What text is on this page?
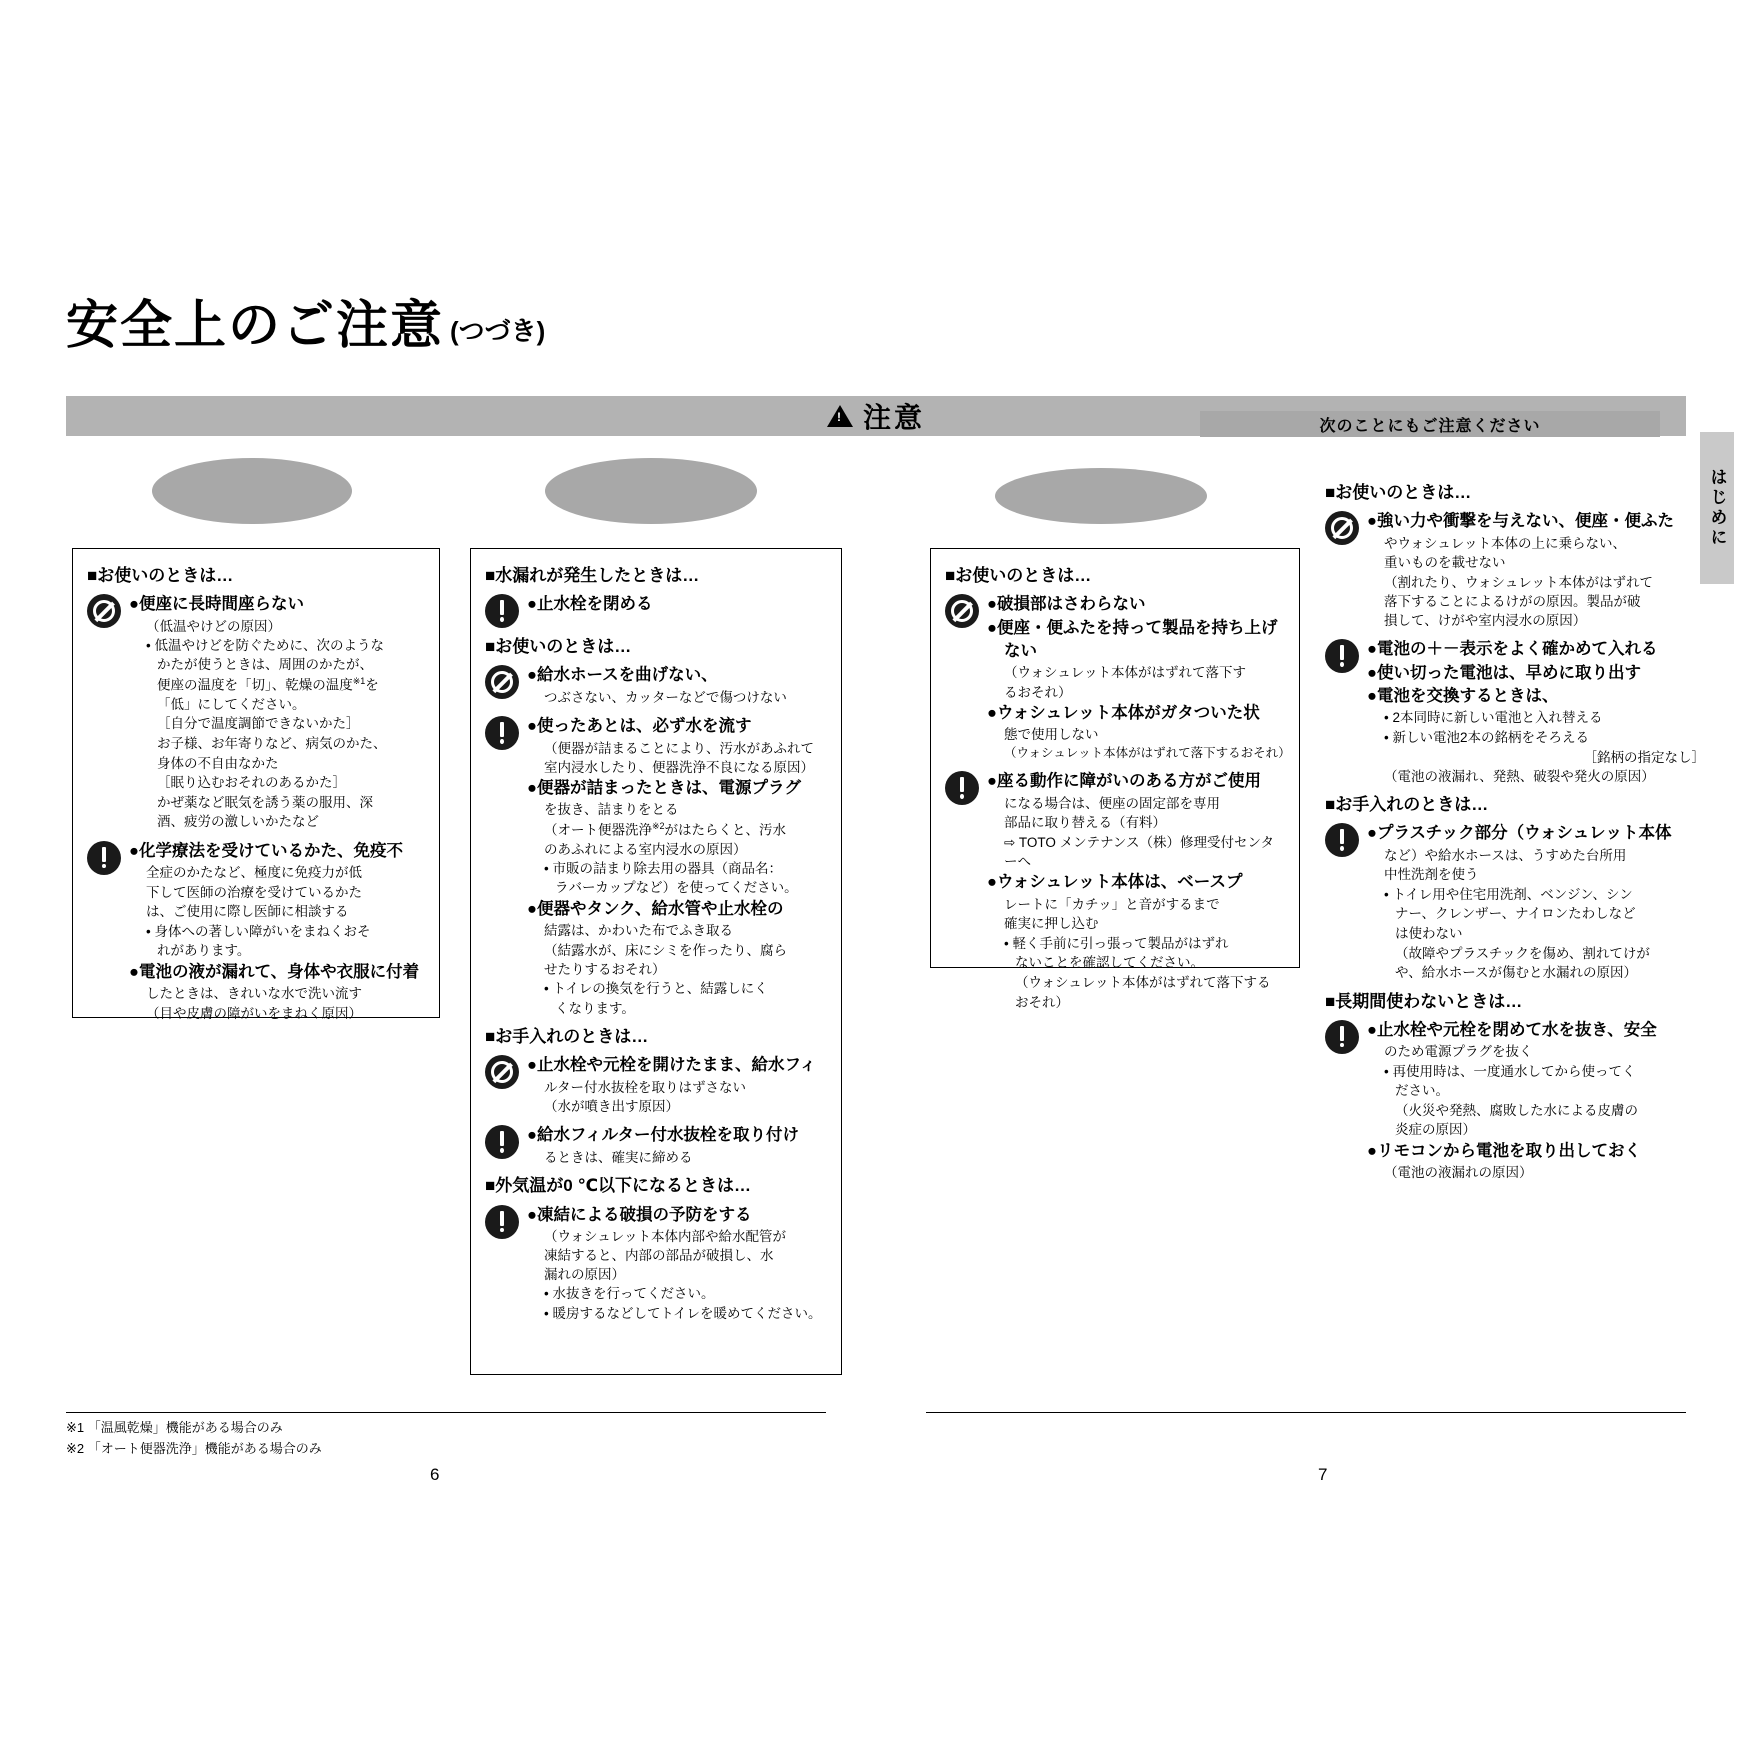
安全上のご注意 (つづき)
!
注意	次のことにもご注意ください
はじめに
■お使いのときは…
●便座に長時間座らない
（低温やけどの原因）
• 低温やけどを防ぐために、次のような
かたが使うときは、周囲のかたが、
便座の温度を「切」、乾燥の温度$^{※1}$を
「低」にしてください。
［自分で温度調節できないかた］
お子様、お年寄りなど、病気のかた、
身体の不自由なかた
［眠り込むおそれのあるかた］
かぜ薬など眠気を誘う薬の服用、深
酒、疲労の激しいかたなど
●化学療法を受けているかた、免疫不
全症のかたなど、極度に免疫力が低
下して医師の治療を受けているかた
は、ご使用に際し医師に相談する
• 身体への著しい障がいをまねくおそ
れがあります。
●電池の液が漏れて、身体や衣服に付着
したときは、きれいな水で洗い流す
（目や皮膚の障がいをまねく原因）
■水漏れが発生したときは…
●止水栓を閉める
■お使いのときは…
●給水ホースを曲げない、
つぶさない、カッターなどで傷つけない
●使ったあとは、必ず水を流す
（便器が詰まることにより、汚水があふれて
室内浸水したり、便器洗浄不良になる原因）
●便器が詰まったときは、電源プラグ
を抜き、詰まりをとる
（オート便器洗浄$^{※2}$がはたらくと、汚水
のあふれによる室内浸水の原因）
• 市販の詰まり除去用の器具（商品名：
ラバーカップなど）を使ってください。
●便器やタンク、給水管や止水栓の
結露は、かわいた布でふき取る
（結露水が、床にシミを作ったり、腐ら
せたりするおそれ）
• トイレの換気を行うと、結露しにく
くなります。
■お手入れのときは…
●止水栓や元栓を開けたまま、給水フィ
ルター付水抜栓を取りはずさない
（水が噴き出す原因）
●給水フィルター付水抜栓を取り付け
るときは、確実に締める
■外気温が0 ℃以下になるときは…
●凍結による破損の予防をする
（ウォシュレット本体内部や給水配管が
凍結すると、内部の部品が破損し、水
漏れの原因）
• 水抜きを行ってください。
• 暖房するなどしてトイレを暖めてください。
■お使いのときは…
●破損部はさわらない
●便座・便ふたを持って製品を持ち上げない
（ウォシュレット本体がはずれて落下す
るおそれ）
●ウォシュレット本体がガタついた状
態で使用しない
（ウォシュレット本体がはずれて落下するおそれ）
●座る動作に障がいのある方がご使用
になる場合は、便座の固定部を専用
部品に取り替える（有料）
⇨ TOTO メンテナンス（株）修理受付センターへ
●ウォシュレット本体は、ベースプ
レートに「カチッ」と音がするまで
確実に押し込む
• 軽く手前に引っ張って製品がはずれ
ないことを確認してください。
（ウォシュレット本体がはずれて落下する
おそれ）
■お使いのときは…
●強い力や衝撃を与えない、便座・便ふた
やウォシュレット本体の上に乗らない、
重いものを載せない
（割れたり、ウォシュレット本体がはずれて
落下することによるけがの原因。製品が破
損して、けがや室内浸水の原因）
●電池の＋－表示をよく確かめて入れる
●使い切った電池は、早めに取り出す
●電池を交換するときは、
• 2本同時に新しい電池と入れ替える
• 新しい電池2本の銘柄をそろえる
［銘柄の指定なし］
（電池の液漏れ、発熱、破裂や発火の原因）
■お手入れのときは…
●プラスチック部分（ウォシュレット本体
など）や給水ホースは、うすめた台所用
中性洗剤を使う
• トイレ用や住宅用洗剤、ベンジン、シン
ナー、クレンザー、ナイロンたわしなど
は使わない
（故障やプラスチックを傷め、割れてけが
や、給水ホースが傷むと水漏れの原因）
■長期間使わないときは…
●止水栓や元栓を閉めて水を抜き、安全
のため電源プラグを抜く
• 再使用時は、一度通水してから使ってく
ださい。
（火災や発熱、腐敗した水による皮膚の
炎症の原因）
●リモコンから電池を取り出しておく
（電池の液漏れの原因）
※1 「温風乾燥」機能がある場合のみ
※2 「オート便器洗浄」機能がある場合のみ
6	7
